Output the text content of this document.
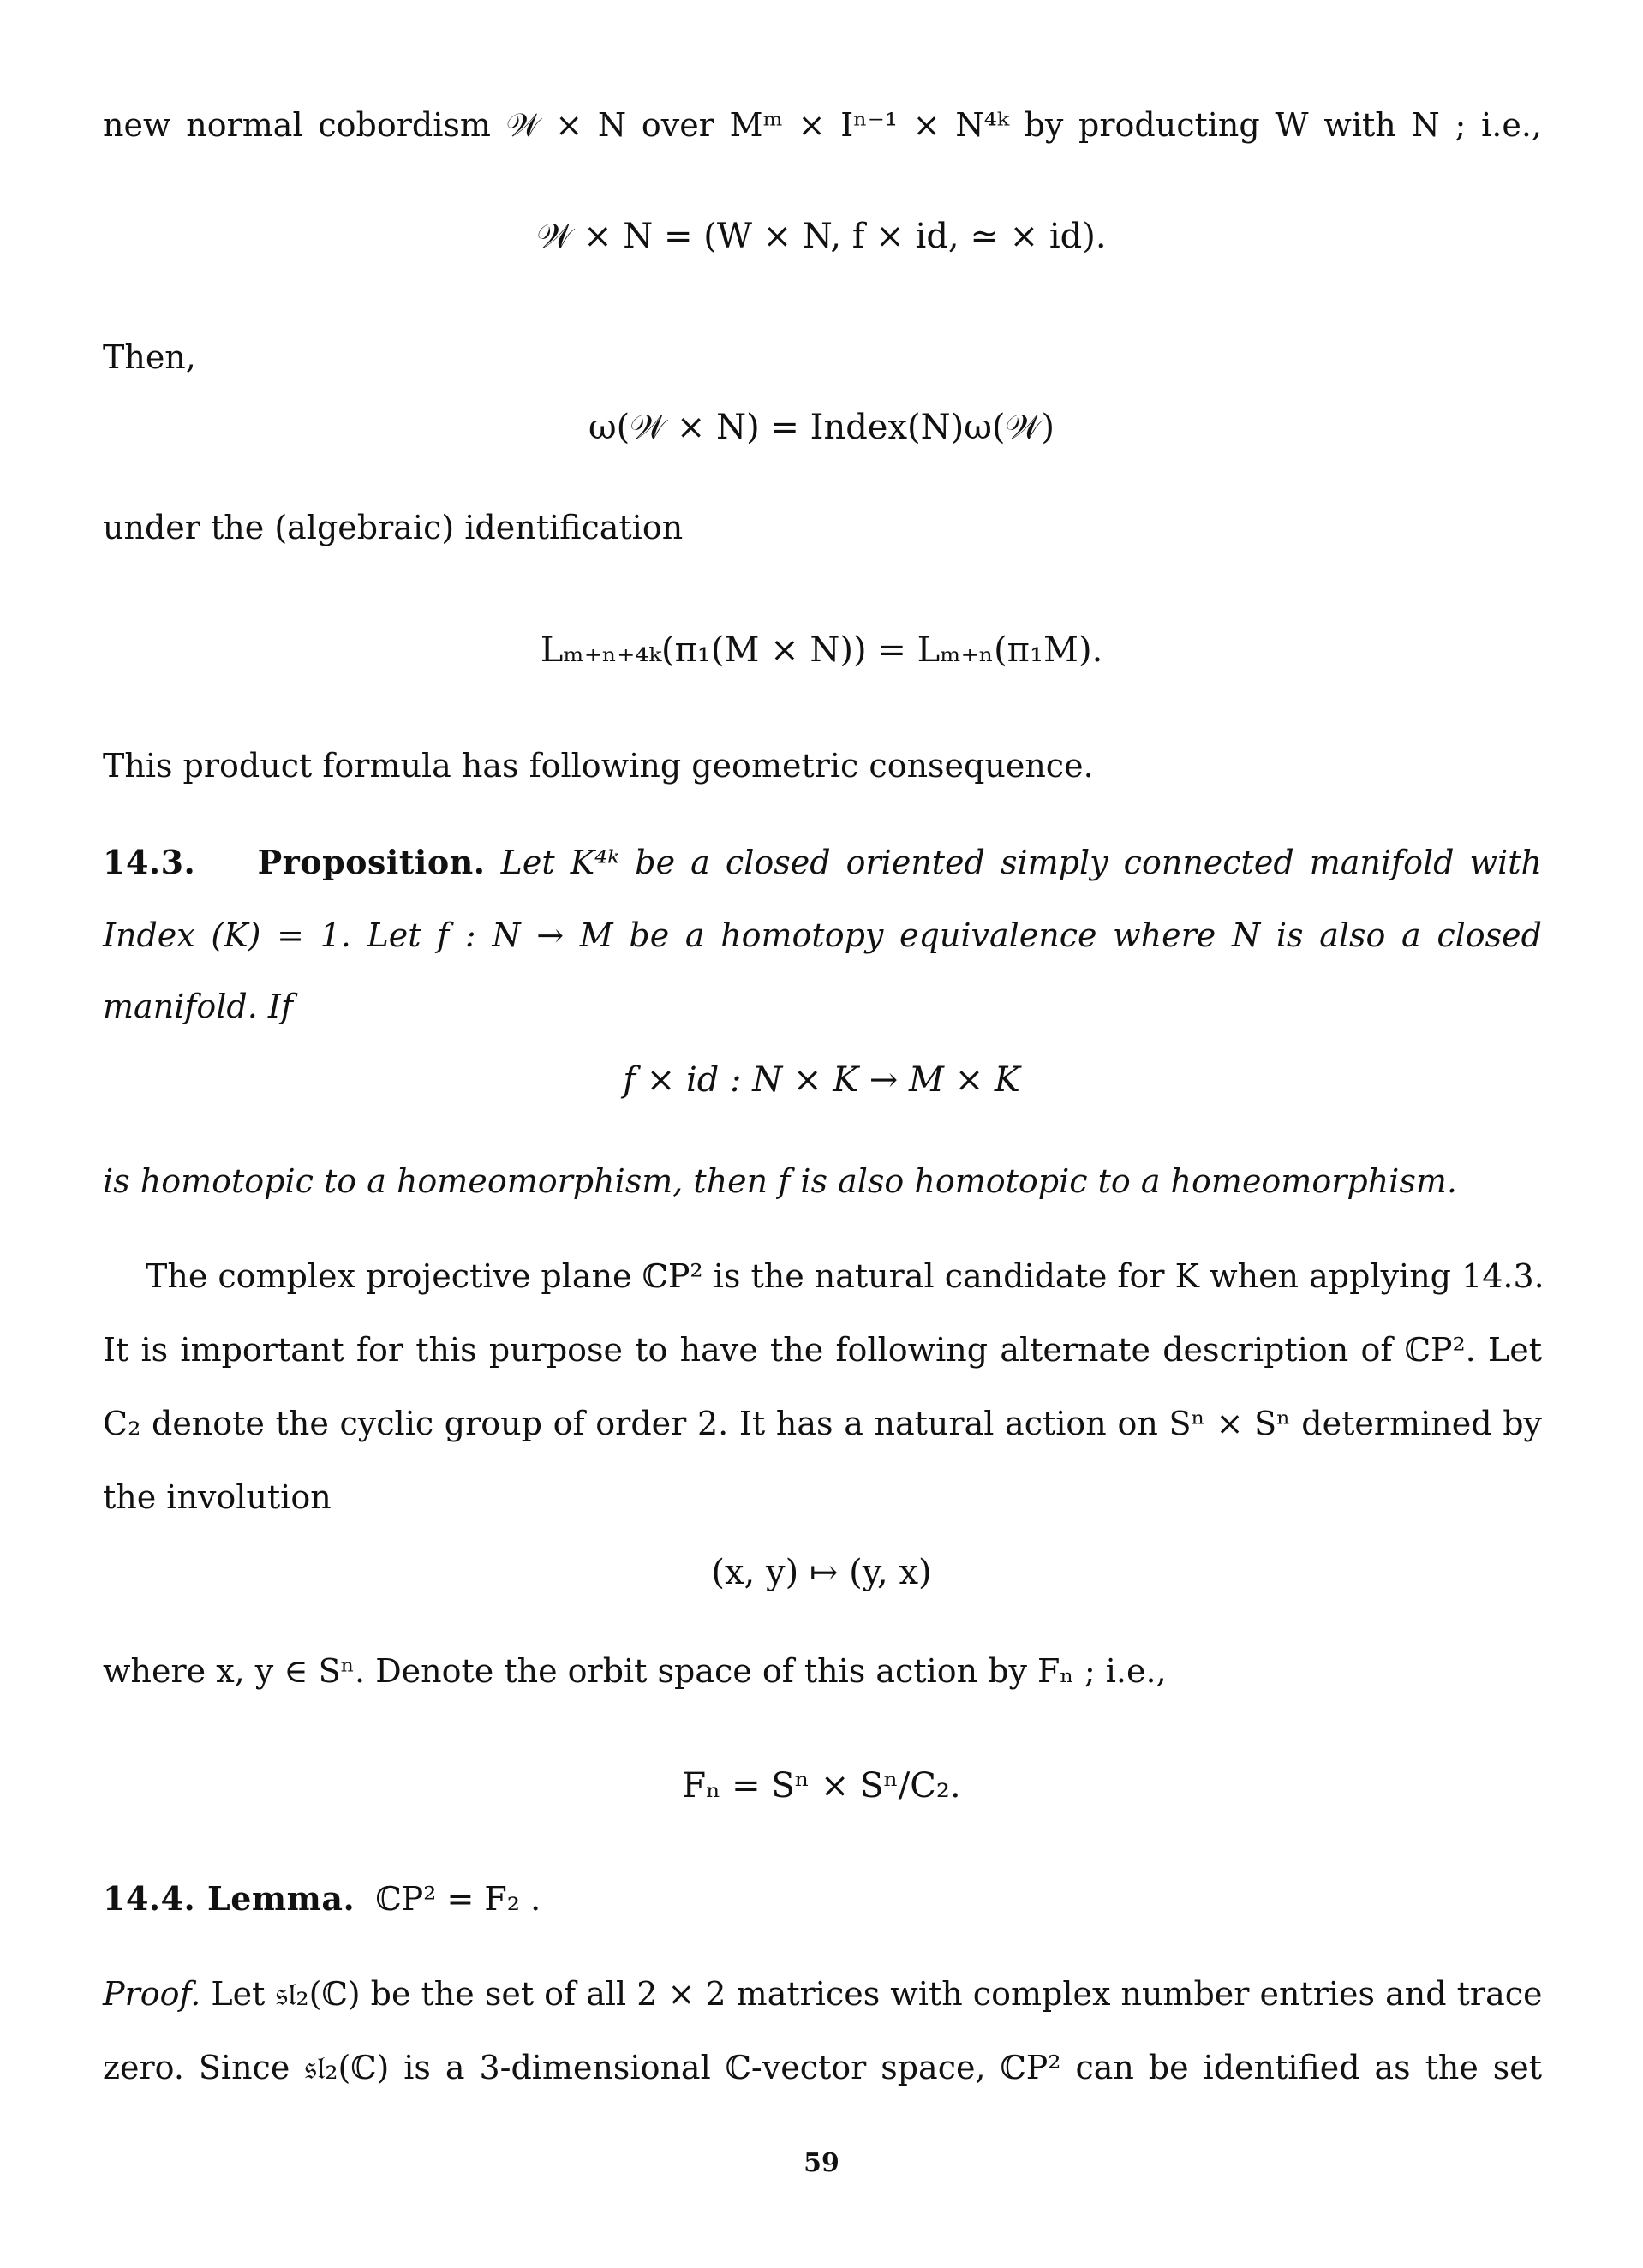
new normal cobordism 𝒲 × N over Mᵐ × Iⁿ⁻¹ × N⁴ᵏ by producting W with N ; i.e.,
𝒲 × N = (W × N, f × id, ≃ × id).
Then,
ω(𝒲 × N) = Index(N)ω(𝒲)
under the (algebraic) identification
Lₘ₊ₙ₊₄ₖ(π₁(M × N)) = Lₘ₊ₙ(π₁M).
This product formula has following geometric consequence.
14.3. Proposition. Let K⁴ᵏ be a closed oriented simply connected manifold with
Index (K) = 1. Let f : N → M be a homotopy equivalence where N is also a closed
manifold. If
f × id : N × K → M × K
is homotopic to a homeomorphism, then f is also homotopic to a homeomorphism.
The complex projective plane ℂP² is the natural candidate for K when applying 14.3.
It is important for this purpose to have the following alternate description of ℂP². Let
C₂ denote the cyclic group of order 2. It has a natural action on Sⁿ × Sⁿ determined by
the involution
(x, y) ↦ (y, x)
where x, y ∈ Sⁿ. Denote the orbit space of this action by Fₙ ; i.e.,
Fₙ = Sⁿ × Sⁿ/C₂.
14.4. Lemma. ℂP² = F₂ .
Proof. Let 𝔰𝔩₂(ℂ) be the set of all 2 × 2 matrices with complex number entries and trace
zero. Since 𝔰𝔩₂(ℂ) is a 3-dimensional ℂ-vector space, ℂP² can be identified as the set
59
